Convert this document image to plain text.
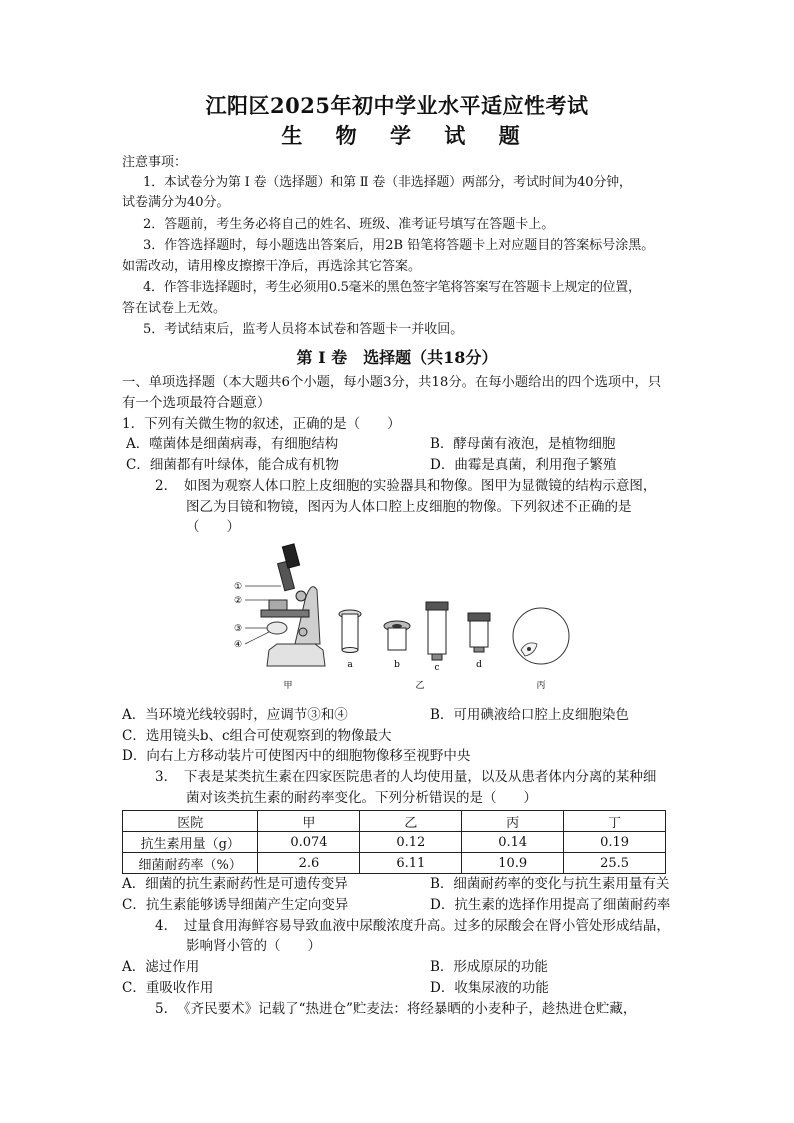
江阳区2025年初中学业水平适应性考试
生 物 学 试 题
注意事项：
1．本试卷分为第 Ⅰ 卷（选择题）和第 Ⅱ 卷（非选择题）两部分，考试时间为40分钟，
试卷满分为40分。
2．答题前，考生务必将自己的姓名、班级、准考证号填写在答题卡上。
3．作答选择题时，每小题选出答案后，用2B 铅笔将答题卡上对应题目的答案标号涂黑。
如需改动，请用橡皮擦擦干净后，再选涂其它答案。
4．作答非选择题时，考生必须用0.5毫米的黑色签字笔将答案写在答题卡上规定的位置，
答在试卷上无效。
5．考试结束后，监考人员将本试卷和答题卡一并收回。
第 Ⅰ 卷　选择题（共18分）
一、单项选择题（本大题共6个小题，每小题3分，共18分。在每小题给出的四个选项中，只
有一个选项最符合题意）
1．下列有关微生物的叙述，正确的是（　　）
A．噬菌体是细菌病毒，有细胞结构	B．酵母菌有液泡，是植物细胞
C．细菌都有叶绿体，能合成有机物	D．曲霉是真菌，利用孢子繁殖
2．　如图为观察人体口腔上皮细胞的实验器具和物像。图甲为显微镜的结构示意图，
图乙为目镜和物镜，图丙为人体口腔上皮细胞的物像。下列叙述不正确的是
（　　）
①
②
③
④
a	b	c	d
甲	乙	丙
A．当环境光线较弱时，应调节③和④	B．可用碘液给口腔上皮细胞染色
C．选用镜头b、c组合可使观察到的物像最大
D．向右上方移动装片可使图丙中的细胞物像移至视野中央
3．　下表是某类抗生素在四家医院患者的人均使用量，以及从患者体内分离的某种细
菌对该类抗生素的耐药率变化。下列分析错误的是（　　）
医院	甲	乙	丙	丁
抗生素用量（g）	0.074	0.12	0.14	0.19
细菌耐药率（%）	2.6	6.11	10.9	25.5
A．细菌的抗生素耐药性是可遗传变异	B．细菌耐药率的变化与抗生素用量有关
C．抗生素能够诱导细菌产生定向变异	D．抗生素的选择作用提高了细菌耐药率
4．　过量食用海鲜容易导致血液中尿酸浓度升高。过多的尿酸会在肾小管处形成结晶，
影响肾小管的（　　）
A．滤过作用	B．形成原尿的功能
C．重吸收作用	D．收集尿液的功能
5．　《齐民要术》记载了“热进仓”贮麦法：将经暴晒的小麦种子，趁热进仓贮藏，
